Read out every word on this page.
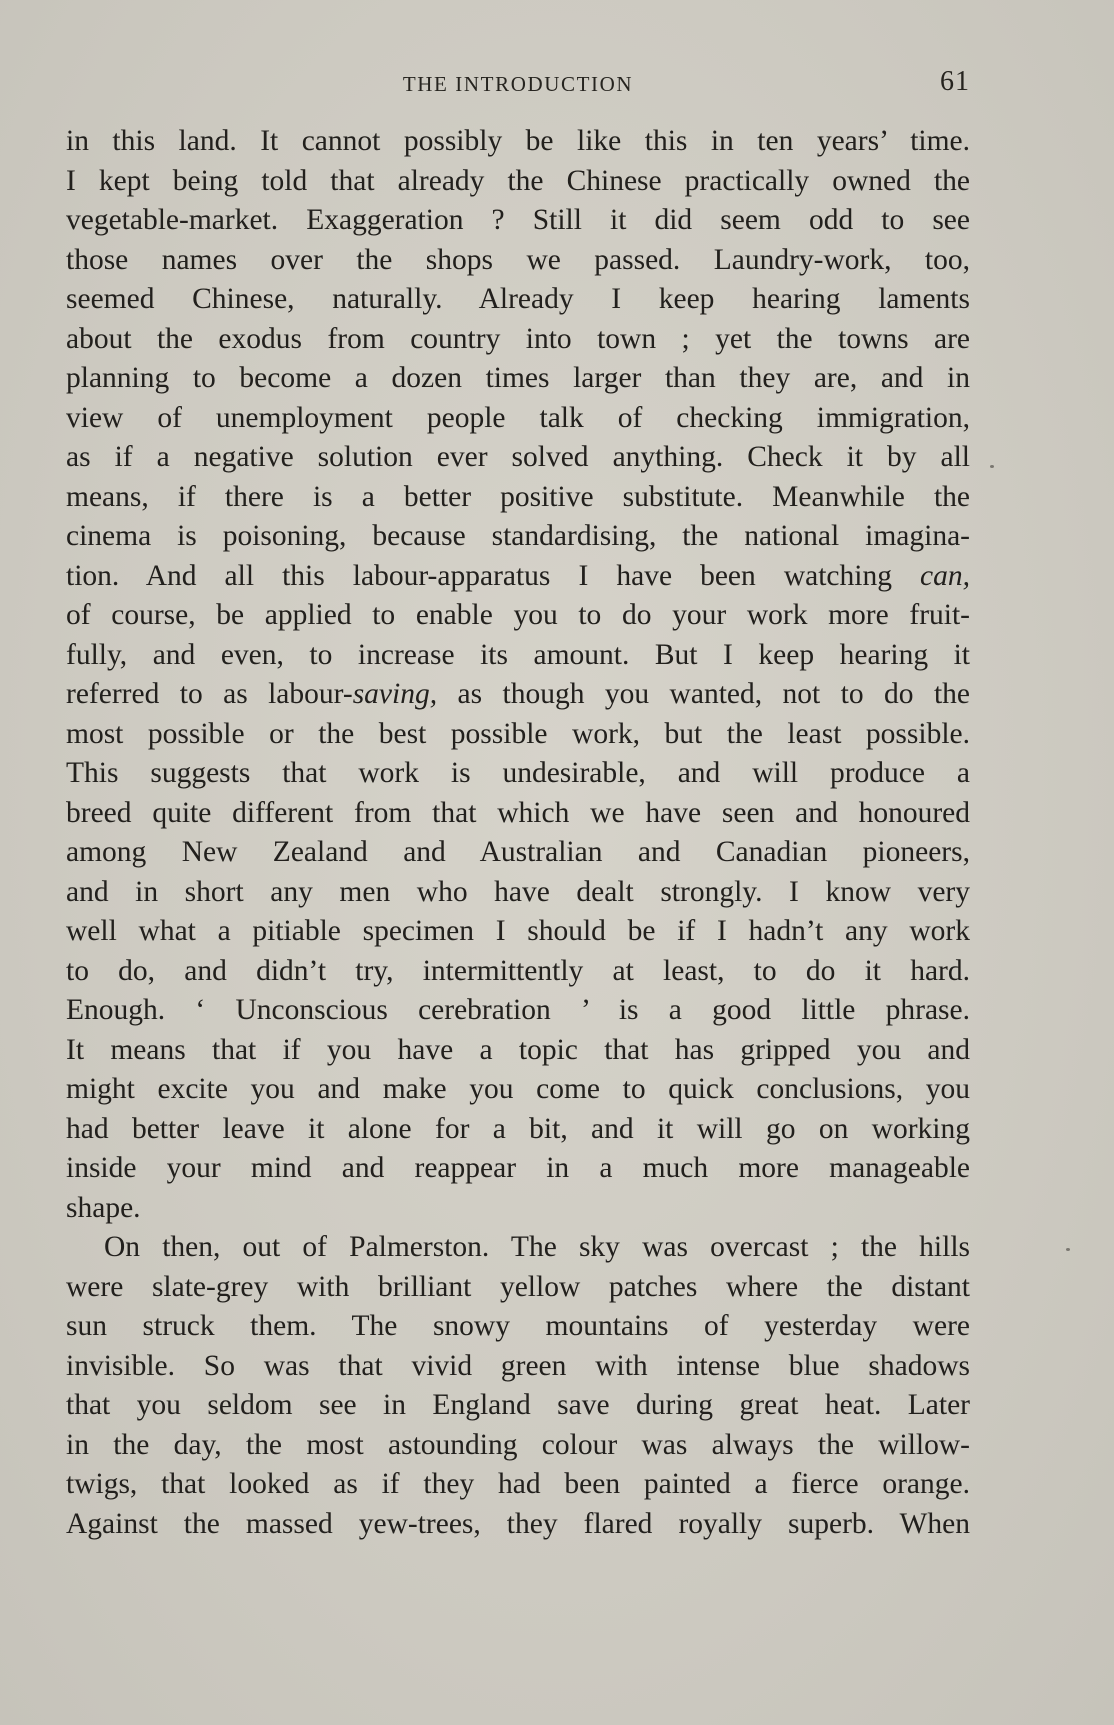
THE INTRODUCTION	61
in this land. It cannot possibly be like this in ten years’ time.
I kept being told that already the Chinese practically owned the
vegetable-market. Exaggeration ? Still it did seem odd to see
those names over the shops we passed. Laundry-work, too,
seemed Chinese, naturally. Already I keep hearing laments
about the exodus from country into town ; yet the towns are
planning to become a dozen times larger than they are, and in
view of unemployment people talk of checking immigration,
as if a negative solution ever solved anything. Check it by all
means, if there is a better positive substitute. Meanwhile the
cinema is poisoning, because standardising, the national imagina-
tion. And all this labour-apparatus I have been watching can,
of course, be applied to enable you to do your work more fruit-
fully, and even, to increase its amount. But I keep hearing it
referred to as labour-saving, as though you wanted, not to do the
most possible or the best possible work, but the least possible.
This suggests that work is undesirable, and will produce a
breed quite different from that which we have seen and honoured
among New Zealand and Australian and Canadian pioneers,
and in short any men who have dealt strongly. I know very
well what a pitiable specimen I should be if I hadn’t any work
to do, and didn’t try, intermittently at least, to do it hard.
Enough. ‘ Unconscious cerebration ’ is a good little phrase.
It means that if you have a topic that has gripped you and
might excite you and make you come to quick conclusions, you
had better leave it alone for a bit, and it will go on working
inside your mind and reappear in a much more manageable
shape.
On then, out of Palmerston. The sky was overcast ; the hills
were slate-grey with brilliant yellow patches where the distant
sun struck them. The snowy mountains of yesterday were
invisible. So was that vivid green with intense blue shadows
that you seldom see in England save during great heat. Later
in the day, the most astounding colour was always the willow-
twigs, that looked as if they had been painted a fierce orange.
Against the massed yew-trees, they flared royally superb. When
